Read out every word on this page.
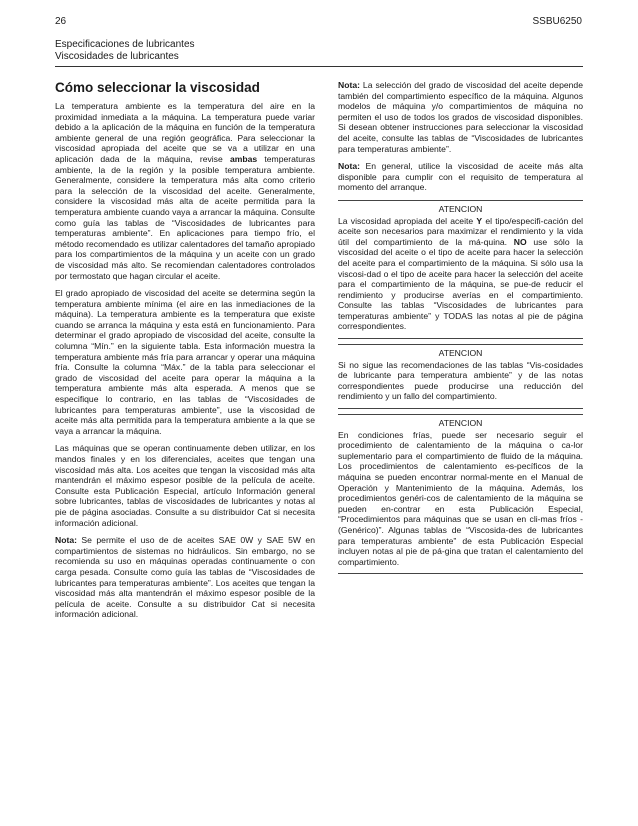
26	SSBU6250
Especificaciones de lubricantes
Viscosidades de lubricantes
Cómo seleccionar la viscosidad

La temperatura ambiente es la temperatura del aire en la proximidad inmediata a la máquina. La temperatura puede variar debido a la aplicación de la máquina en función de la temperatura ambiente general de una región geográfica. Para seleccionar la viscosidad apropiada del aceite que se va a utilizar en una aplicación dada de la máquina, revise ambas temperaturas ambiente, la de la región y la posible temperatura ambiente. Generalmente, considere la temperatura más alta como criterio para la selección de la viscosidad del aceite. Generalmente, considere la viscosidad más alta de aceite permitida para la temperatura ambiente cuando vaya a arrancar la máquina. Consulte como guía las tablas de “Viscosidades de lubricantes para temperaturas ambiente”. En aplicaciones para tiempo frío, el método recomendado es utilizar calentadores del tamaño apropiado para los compartimientos de la máquina y un aceite con un grado de viscosidad más alto. Se recomiendan calentadores controlados por termostato que hagan circular el aceite.

El grado apropiado de viscosidad del aceite se determina según la temperatura ambiente mínima (el aire en las inmediaciones de la máquina). La temperatura ambiente es la temperatura que existe cuando se arranca la máquina y esta está en funcionamiento. Para determinar el grado apropiado de viscosidad del aceite, consulte la columna “Mín.” en la siguiente tabla. Esta información muestra la temperatura ambiente más fría para arrancar y operar una máquina fría. Consulte la columna “Máx.” de la tabla para seleccionar el grado de viscosidad del aceite para operar la máquina a la temperatura ambiente más alta esperada. A menos que se especifique lo contrario, en las tablas de “Viscosidades de lubricantes para temperaturas ambiente”, use la viscosidad de aceite más alta permitida para la temperatura ambiente a la que se vaya a arrancar la máquina.

Las máquinas que se operan continuamente deben utilizar, en los mandos finales y en los diferenciales, aceites que tengan una viscosidad más alta. Los aceites que tengan la viscosidad más alta mantendrán el máximo espesor posible de la película de aceite. Consulte esta Publicación Especial, artículo Información general sobre lubricantes, tablas de viscosidades de lubricantes y notas al pie de página asociadas. Consulte a su distribuidor Cat si necesita información adicional.

Nota: Se permite el uso de de aceites SAE 0W y SAE 5W en compartimientos de sistemas no hidráulicos. Sin embargo, no se recomienda su uso en máquinas operadas continuamente o con carga pesada. Consulte como guía las tablas de “Viscosidades de lubricantes para temperaturas ambiente”. Los aceites que tengan la viscosidad más alta mantendrán el máximo espesor posible de la película de aceite. Consulte a su distribuidor Cat si necesita información adicional.

Nota: La selección del grado de viscosidad del aceite depende también del compartimiento específico de la máquina. Algunos modelos de máquina y/o compartimientos de máquina no permiten el uso de todos los grados de viscosidad disponibles. Si desean obtener instrucciones para seleccionar la viscosidad del aceite, consulte las tablas de “Viscosidades de lubricantes para temperaturas ambiente”.

Nota: En general, utilice la viscosidad de aceite más alta disponible para cumplir con el requisito de temperatura al momento del arranque.

ATENCION

La viscosidad apropiada del aceite Y el tipo/especifi-cación del aceite son necesarios para maximizar el rendimiento y la vida útil del compartimiento de la má-quina. NO use sólo la viscosidad del aceite o el tipo de aceite para hacer la selección del aceite para el compartimiento de la máquina. Si sólo usa la viscosi-dad o el tipo de aceite para hacer la selección del aceite para el compartimiento de la máquina, se pue-de reducir el rendimiento y producirse averías en el compartimiento. Consulte las tablas “Viscosidades de lubricantes para temperaturas ambiente” y TODAS las notas al pie de página correspondientes.

ATENCION

Si no sigue las recomendaciones de las tablas “Vis-cosidades de lubricante para temperatura ambiente” y de las notas correspondientes puede producirse una reducción del rendimiento y un fallo del compartimiento.

ATENCION

En condiciones frías, puede ser necesario seguir el procedimiento de calentamiento de la máquina o ca-lor suplementario para el compartimiento de fluido de la máquina. Los procedimientos de calentamiento es-pecíficos de la máquina se pueden encontrar normal-mente en el Manual de Operación y Mantenimiento de la máquina. Además, los procedimientos genéri-cos de calentamiento de la máquina se pueden en-contrar en esta Publicación Especial, “Procedimientos para máquinas que se usan en cli-mas fríos - (Genérico)”. Algunas tablas de “Viscosida-des de lubricantes para temperaturas ambiente” de esta Publicación Especial incluyen notas al pie de pá-gina que tratan el calentamiento del compartimiento.
